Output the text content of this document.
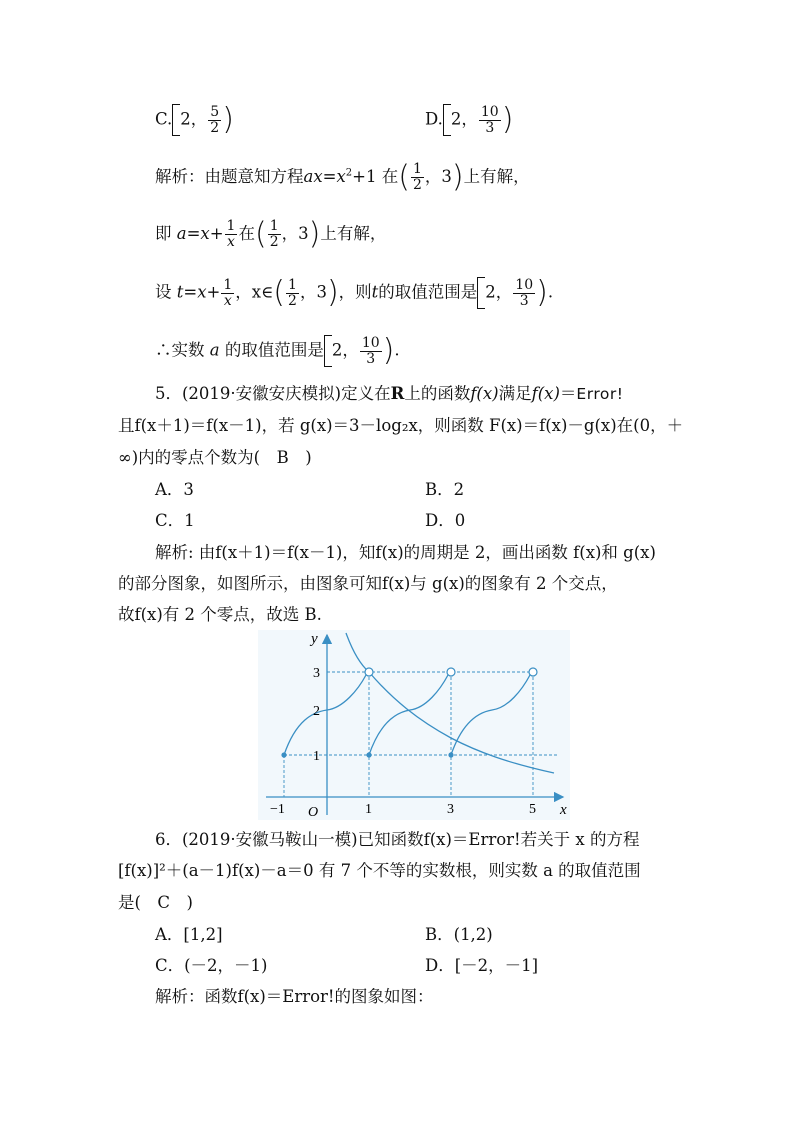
C. 2， $\frac{5}{2}$ )	D. 2， $\frac{10}{3}$ )
解析：由题意知方程$ax=x^2+1$ 在( $\frac{1}{2}$ ，3)上有解，
即 $a=x+ \frac{1}{x}$ 在( $\frac{1}{2}$ ，3)上有解，
设 $t=x+ \frac{1}{x}$ ，x∈( $\frac{1}{2}$ ，3)，则t的取值范围是 2， $\frac{10}{3}$ ).
∴实数 a 的取值范围是 2， $\frac{10}{3}$ ).
5．(2019·安徽安庆模拟)定义在R上的函数f(x)满足f(x)＝Error!
且f(x＋1)＝f(x－1)，若 g(x)＝3－log₂x，则函数 F(x)＝f(x)－g(x)在(0，＋
∞)内的零点个数为(　B　)
A．3	B．2
C．1	D．0
解析: 由f(x＋1)＝f(x－1)，知f(x)的周期是 2，画出函数 f(x)和 g(x)
的部分图象，如图所示，由图象可知f(x)与 g(x)的图象有 2 个交点，
故f(x)有 2 个零点，故选 B.
y
x
O
1
2
3
−1	1	3	5
6．(2019·安徽马鞍山一模)已知函数f(x)＝Error!若关于 x 的方程
[f(x)]²＋(a－1)f(x)－a＝0 有 7 个不等的实数根，则实数 a 的取值范围
是(　C　)
A．[1,2]	B．(1,2)
C．(－2，－1)	D．[－2，－1]
解析：函数f(x)＝Error!的图象如图：
